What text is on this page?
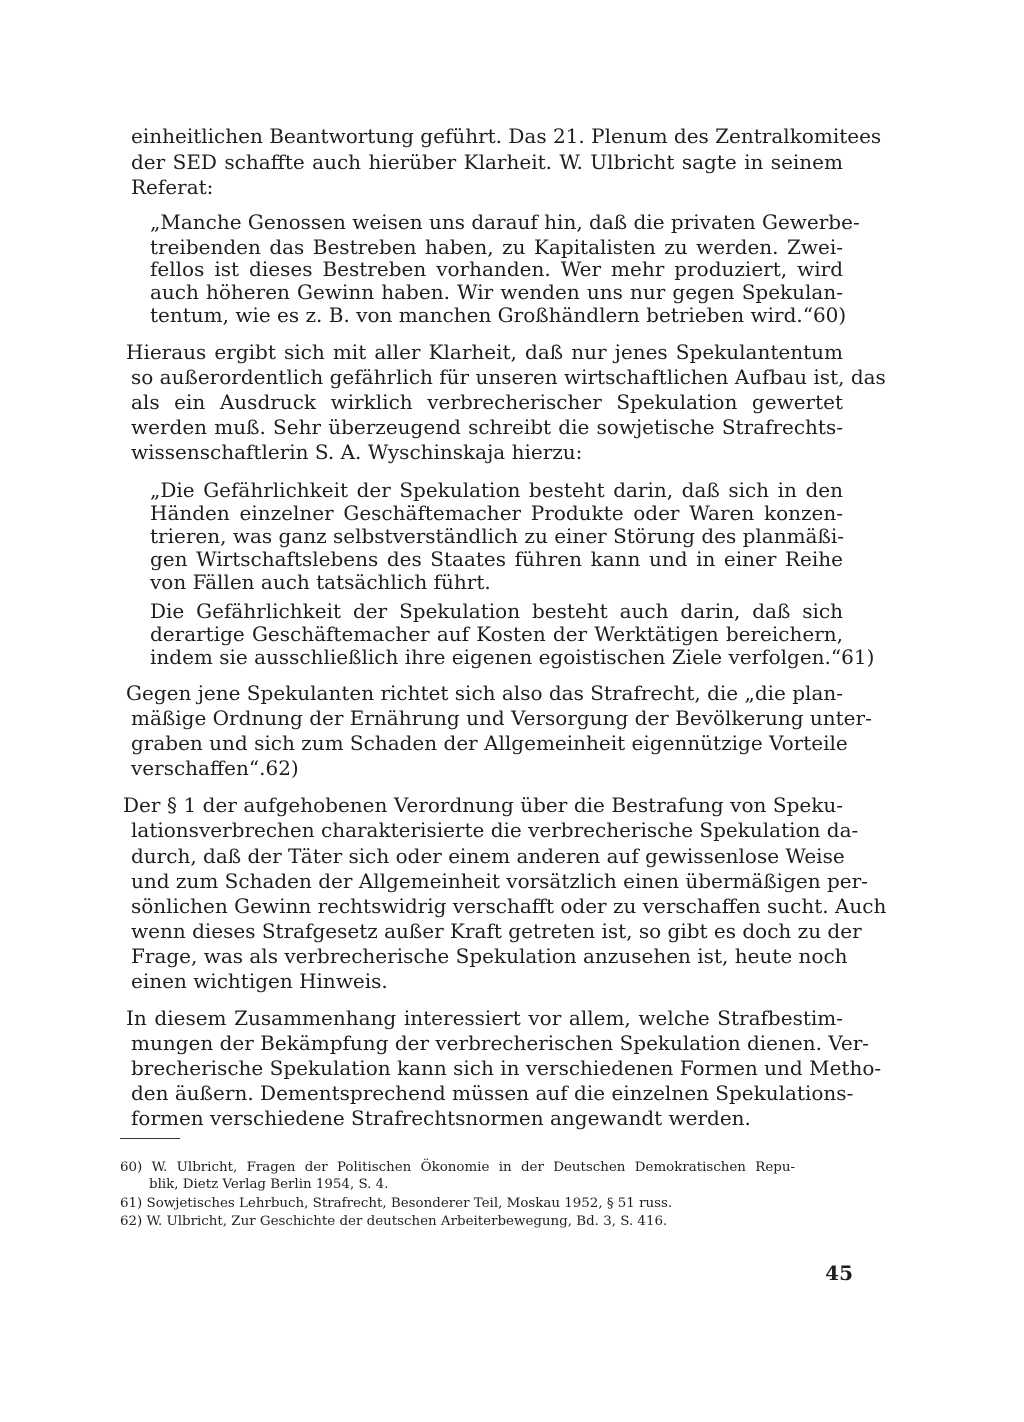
einheitlichen Beantwortung geführt. Das 21. Plenum des Zentralkomitees
der SED schaffte auch hierüber Klarheit. W. Ulbricht sagte in seinem
Referat:
„Manche Genossen weisen uns darauf hin, daß die privaten Gewerbe-
treibenden das Bestreben haben, zu Kapitalisten zu werden. Zwei-
fellos ist dieses Bestreben vorhanden. Wer mehr produziert, wird
auch höheren Gewinn haben. Wir wenden uns nur gegen Spekulan-
tentum, wie es z. B. von manchen Großhändlern betrieben wird.“60)
Hieraus ergibt sich mit aller Klarheit, daß nur jenes Spekulantentum
so außerordentlich gefährlich für unseren wirtschaftlichen Aufbau ist, das
als ein Ausdruck wirklich verbrecherischer Spekulation gewertet
werden muß. Sehr überzeugend schreibt die sowjetische Strafrechts-
wissenschaftlerin S. A. Wyschinskaja hierzu:
„Die Gefährlichkeit der Spekulation besteht darin, daß sich in den
Händen einzelner Geschäftemacher Produkte oder Waren konzen-
trieren, was ganz selbstverständlich zu einer Störung des planmäßi-
gen Wirtschaftslebens des Staates führen kann und in einer Reihe
von Fällen auch tatsächlich führt.
Die Gefährlichkeit der Spekulation besteht auch darin, daß sich
derartige Geschäftemacher auf Kosten der Werktätigen bereichern,
indem sie ausschließlich ihre eigenen egoistischen Ziele verfolgen.“61)
Gegen jene Spekulanten richtet sich also das Strafrecht, die „die plan-
mäßige Ordnung der Ernährung und Versorgung der Bevölkerung unter-
graben und sich zum Schaden der Allgemeinheit eigennützige Vorteile
verschaffen“.62)
Der § 1 der aufgehobenen Verordnung über die Bestrafung von Speku-
lationsverbrechen charakterisierte die verbrecherische Spekulation da-
durch, daß der Täter sich oder einem anderen auf gewissenlose Weise
und zum Schaden der Allgemeinheit vorsätzlich einen übermäßigen per-
sönlichen Gewinn rechtswidrig verschafft oder zu verschaffen sucht. Auch
wenn dieses Strafgesetz außer Kraft getreten ist, so gibt es doch zu der
Frage, was als verbrecherische Spekulation anzusehen ist, heute noch
einen wichtigen Hinweis.
In diesem Zusammenhang interessiert vor allem, welche Strafbestim-
mungen der Bekämpfung der verbrecherischen Spekulation dienen. Ver-
brecherische Spekulation kann sich in verschiedenen Formen und Metho-
den äußern. Dementsprechend müssen auf die einzelnen Spekulations-
formen verschiedene Strafrechtsnormen angewandt werden.
60) W. Ulbricht, Fragen der Politischen Ökonomie in der Deutschen Demokratischen Repu-
blik, Dietz Verlag Berlin 1954, S. 4.
61) Sowjetisches Lehrbuch, Strafrecht, Besonderer Teil, Moskau 1952, § 51 russ.
62) W. Ulbricht, Zur Geschichte der deutschen Arbeiterbewegung, Bd. 3, S. 416.
45
